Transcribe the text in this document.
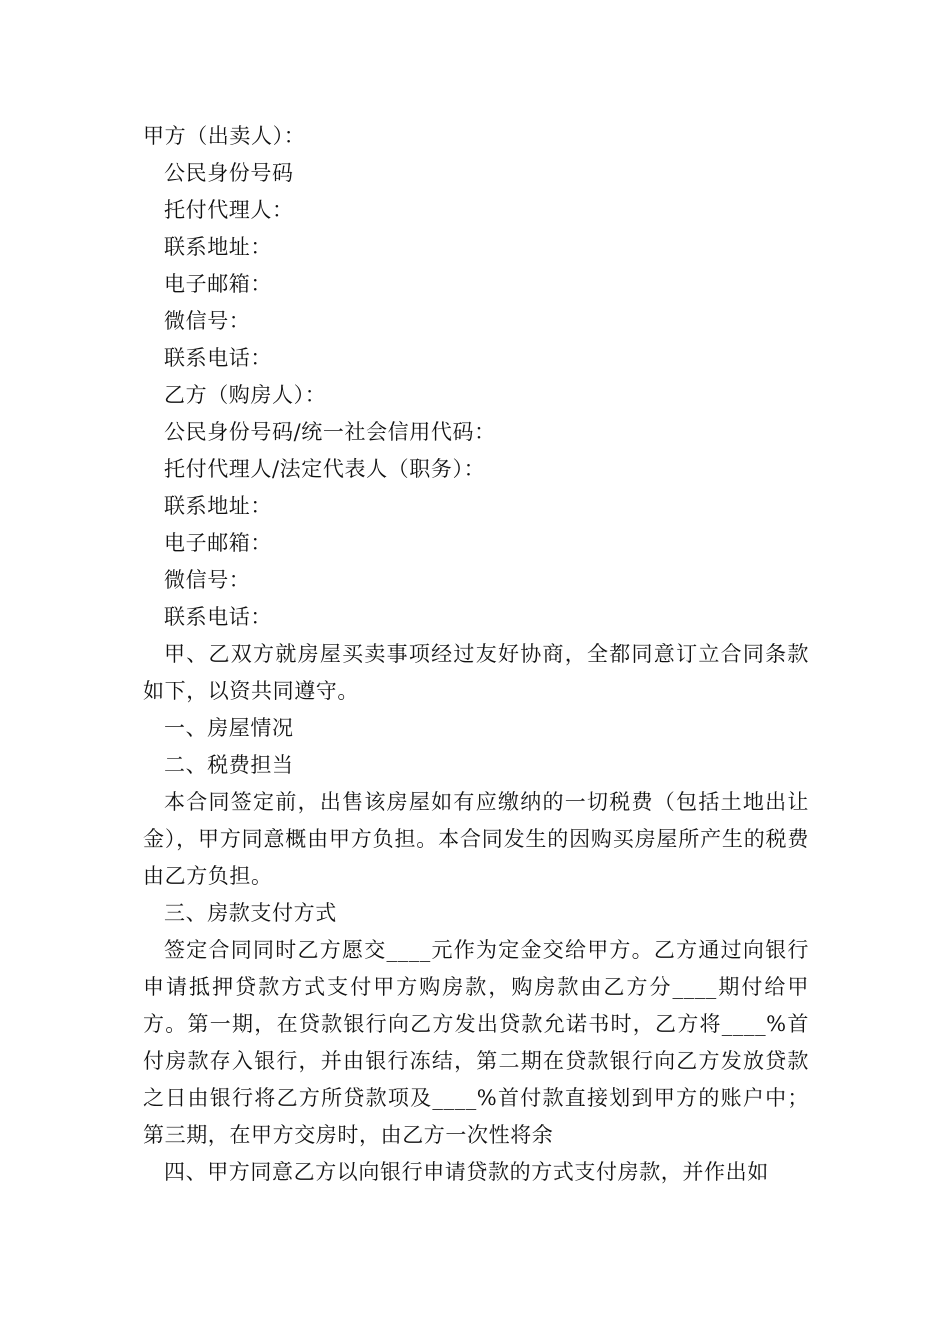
甲方（出卖人）：

公民身份号码

托付代理人：

联系地址：

电子邮箱：

微信号：

联系电话：

乙方（购房人）：

公民身份号码/统一社会信用代码：

托付代理人/法定代表人（职务）：

联系地址：

电子邮箱：

微信号：

联系电话：

甲、乙双方就房屋买卖事项经过友好协商，全都同意订立合同条款如下，以资共同遵守。

一、房屋情况

二、税费担当

本合同签定前，出售该房屋如有应缴纳的一切税费（包括土地出让金），甲方同意概由甲方负担。本合同发生的因购买房屋所产生的税费由乙方负担。

三、房款支付方式

签定合同同时乙方愿交____元作为定金交给甲方。乙方通过向银行申请抵押贷款方式支付甲方购房款，购房款由乙方分____期付给甲方。第一期，在贷款银行向乙方发出贷款允诺书时，乙方将____%首付房款存入银行，并由银行冻结，第二期在贷款银行向乙方发放贷款之日由银行将乙方所贷款项及____%首付款直接划到甲方的账户中；第三期，在甲方交房时，由乙方一次性将余

四、甲方同意乙方以向银行申请贷款的方式支付房款，并作出如
